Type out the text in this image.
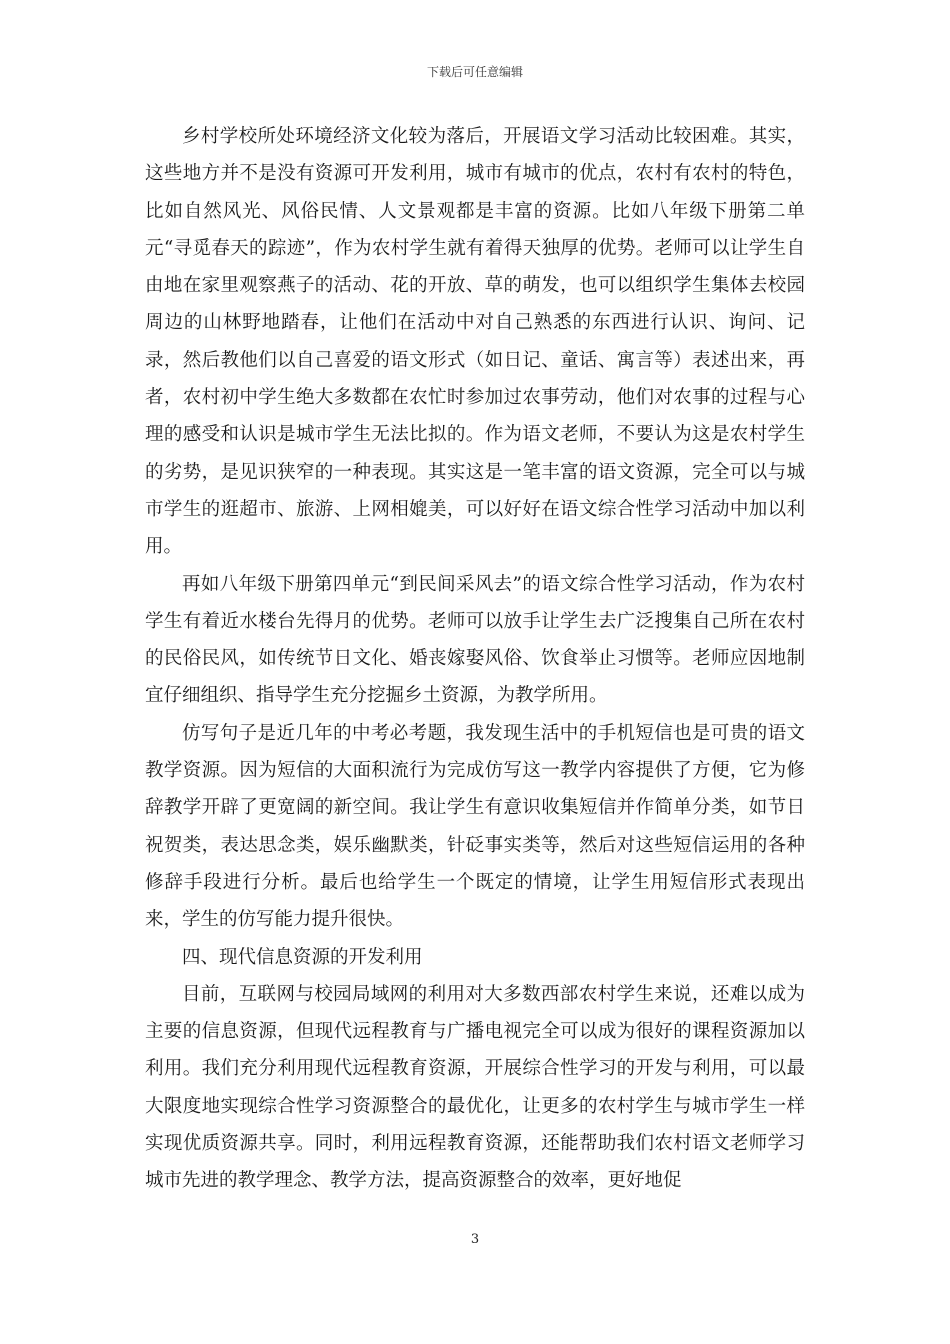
下载后可任意编辑

乡村学校所处环境经济文化较为落后，开展语文学习活动比较困难。其实，这些地方并不是没有资源可开发利用，城市有城市的优点，农村有农村的特色，比如自然风光、风俗民情、人文景观都是丰富的资源。比如八年级下册第二单元“寻觅春天的踪迹”，作为农村学生就有着得天独厚的优势。老师可以让学生自由地在家里观察燕子的活动、花的开放、草的萌发，也可以组织学生集体去校园周边的山林野地踏春，让他们在活动中对自己熟悉的东西进行认识、询问、记录，然后教他们以自己喜爱的语文形式（如日记、童话、寓言等）表述出来，再者，农村初中学生绝大多数都在农忙时参加过农事劳动，他们对农事的过程与心理的感受和认识是城市学生无法比拟的。作为语文老师，不要认为这是农村学生的劣势，是见识狭窄的一种表现。其实这是一笔丰富的语文资源，完全可以与城市学生的逛超市、旅游、上网相媲美，可以好好在语文综合性学习活动中加以利用。

再如八年级下册第四单元“到民间采风去”的语文综合性学习活动，作为农村学生有着近水楼台先得月的优势。老师可以放手让学生去广泛搜集自己所在农村的民俗民风，如传统节日文化、婚丧嫁娶风俗、饮食举止习惯等。老师应因地制宜仔细组织、指导学生充分挖掘乡土资源，为教学所用。

仿写句子是近几年的中考必考题，我发现生活中的手机短信也是可贵的语文教学资源。因为短信的大面积流行为完成仿写这一教学内容提供了方便，它为修辞教学开辟了更宽阔的新空间。我让学生有意识收集短信并作简单分类，如节日祝贺类，表达思念类，娱乐幽默类，针砭事实类等，然后对这些短信运用的各种修辞手段进行分析。最后也给学生一个既定的情境，让学生用短信形式表现出来，学生的仿写能力提升很快。

四、现代信息资源的开发利用

目前，互联网与校园局域网的利用对大多数西部农村学生来说，还难以成为主要的信息资源，但现代远程教育与广播电视完全可以成为很好的课程资源加以利用。我们充分利用现代远程教育资源，开展综合性学习的开发与利用，可以最大限度地实现综合性学习资源整合的最优化，让更多的农村学生与城市学生一样实现优质资源共享。同时，利用远程教育资源，还能帮助我们农村语文老师学习城市先进的教学理念、教学方法，提高资源整合的效率，更好地促

3
